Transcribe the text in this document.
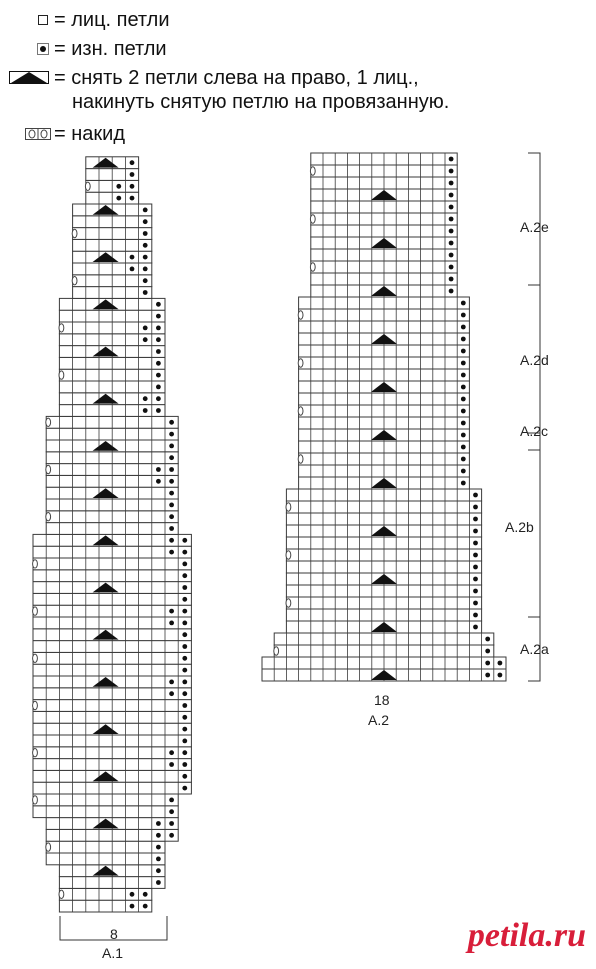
= лиц. петли
= изн. петли
= снять 2 петли слева на право, 1 лиц.,
накинуть снятую петлю на провязанную.
= накид
8
A.1
18
A.2
A.2e
A.2d
A.2c
A.2b
A.2a
petila.ru
